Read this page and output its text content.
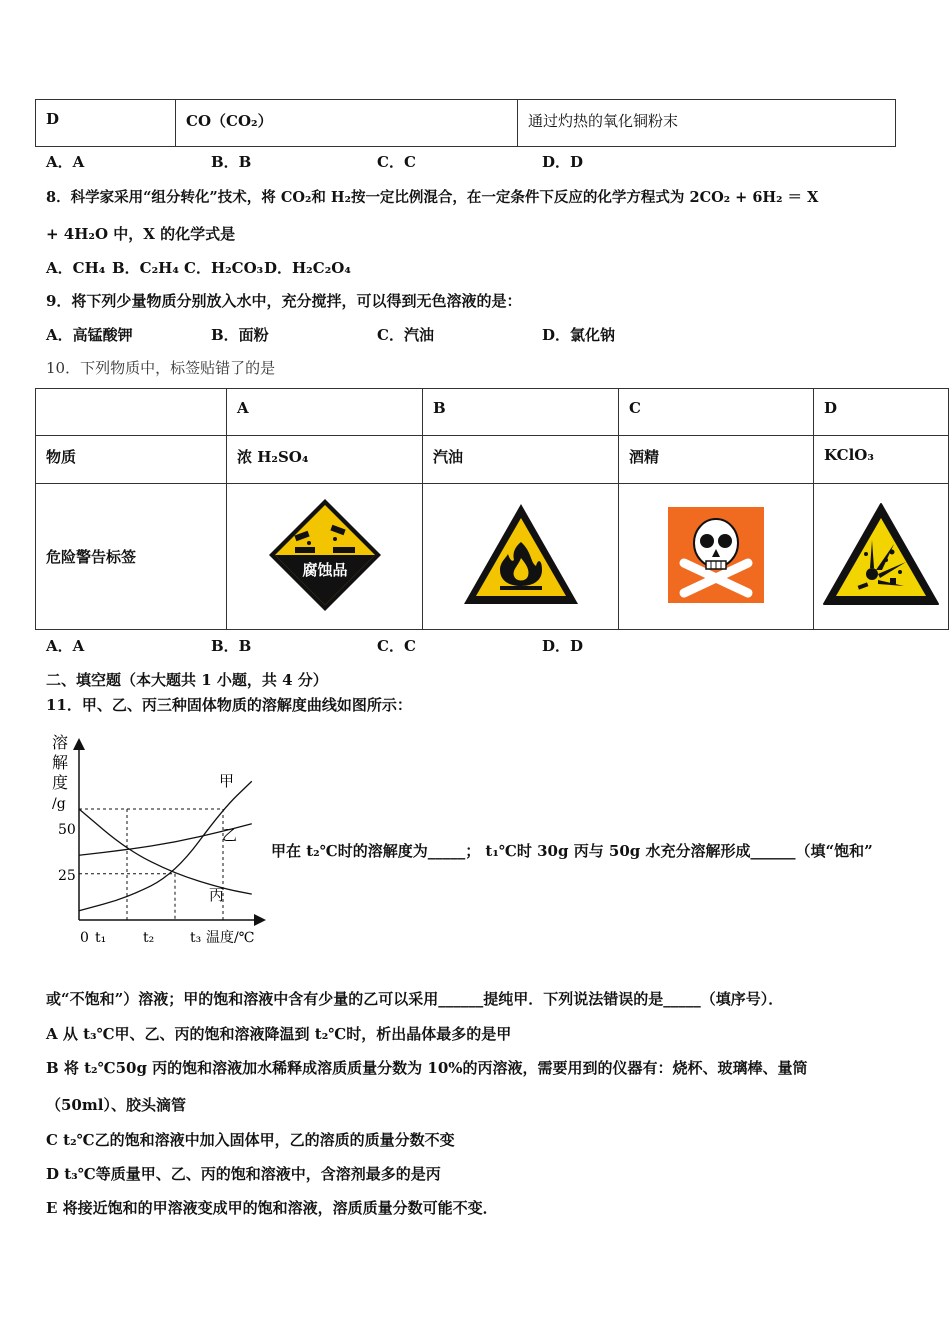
D	CO（CO₂）	通过灼热的氧化铜粉末
A．A	B．B	C．C	D．D
8．科学家采用“组分转化”技术，将 CO₂和 H₂按一定比例混合，在一定条件下反应的化学方程式为 2CO₂ + 6H₂ ＝ X
+ 4H₂O 中，X 的化学式是
A．CH₄ B．C₂H₄ C．H₂CO₃ D．H₂C₂O₄
9．将下列少量物质分别放入水中，充分搅拌，可以得到无色溶液的是：
A．高锰酸钾	B．面粉	C．汽油	D．氯化钠
10．下列物质中，标签贴错了的是
	A	B	C	D
物质	浓 H₂SO₄	汽油	酒精	KClO₃
危险警告标签	腐蚀品

A．A	B．B	C．C	D．D
二、填空题（本大题共 1 小题，共 4 分）
11．甲、乙、丙三种固体物质的溶解度曲线如图所示：
甲
乙
丙
溶
解
度
/g
50
25
0 t₁	t₂	t₃ 温度/℃
甲在 t₂℃时的溶解度为_____； t₁℃时 30g 丙与 50g 水充分溶解形成______（填“饱和”
或“不饱和”）溶液；甲的饱和溶液中含有少量的乙可以采用______提纯甲．下列说法错误的是_____（填序号）．
A 从 t₃℃甲、乙、丙的饱和溶液降温到 t₂℃时，析出晶体最多的是甲
B 将 t₂℃50g 丙的饱和溶液加水稀释成溶质质量分数为 10%的丙溶液，需要用到的仪器有：烧杯、玻璃棒、量筒
（50ml）、胶头滴管
C t₂℃乙的饱和溶液中加入固体甲，乙的溶质的质量分数不变
D t₃℃等质量甲、乙、丙的饱和溶液中，含溶剂最多的是丙
E 将接近饱和的甲溶液变成甲的饱和溶液，溶质质量分数可能不变．
